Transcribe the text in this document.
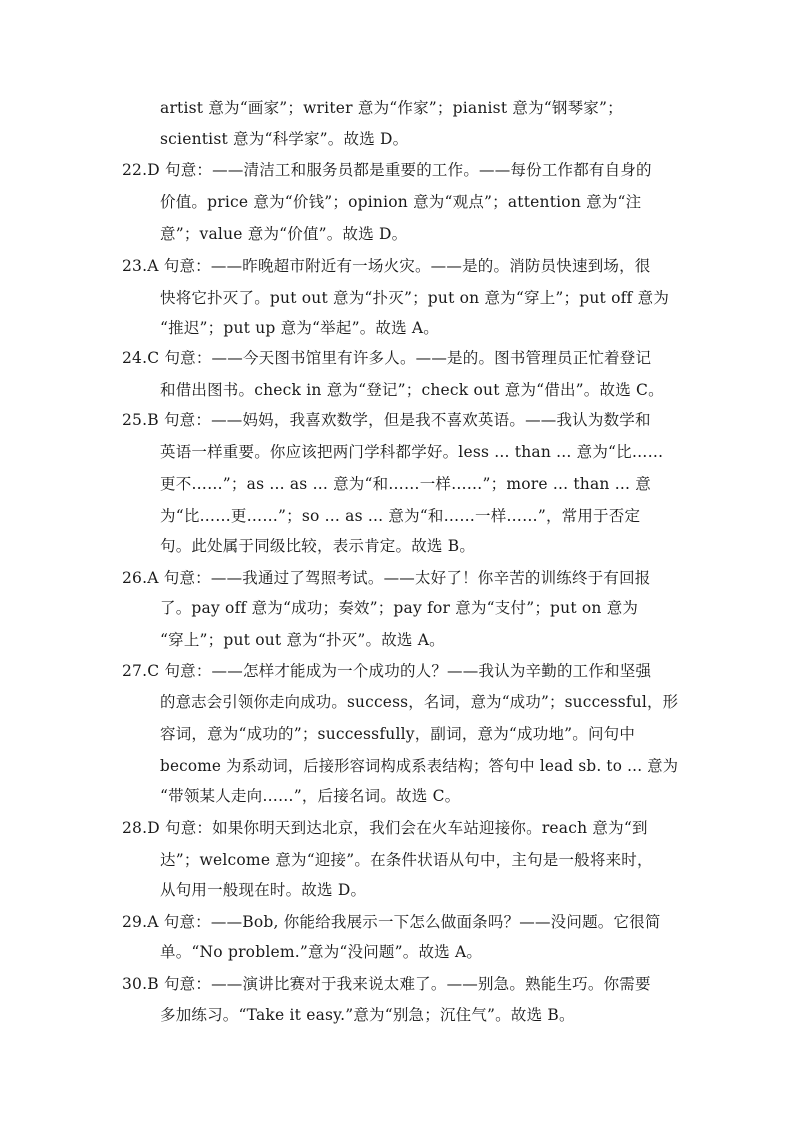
artist 意为“画家”；writer 意为“作家”；pianist 意为“钢琴家”；
scientist 意为“科学家”。故选 D。
22.D 句意：——清洁工和服务员都是重要的工作。——每份工作都有自身的
价值。price 意为“价钱”；opinion 意为“观点”；attention 意为“注
意”；value 意为“价值”。故选 D。
23.A 句意：——昨晚超市附近有一场火灾。——是的。消防员快速到场，很
快将它扑灭了。put out 意为“扑灭”；put on 意为“穿上”；put off 意为
“推迟”；put up 意为“举起”。故选 A。
24.C 句意：——今天图书馆里有许多人。——是的。图书管理员正忙着登记
和借出图书。check in 意为“登记”；check out 意为“借出”。故选 C。
25.B 句意：——妈妈，我喜欢数学，但是我不喜欢英语。——我认为数学和
英语一样重要。你应该把两门学科都学好。less ... than ... 意为“比……
更不……”；as ... as ... 意为“和……一样……”；more ... than ... 意
为“比……更……”；so ... as ... 意为“和……一样……”，常用于否定
句。此处属于同级比较，表示肯定。故选 B。
26.A 句意：——我通过了驾照考试。——太好了！你辛苦的训练终于有回报
了。pay off 意为“成功；奏效”；pay for 意为“支付”；put on 意为
“穿上”；put out 意为“扑灭”。故选 A。
27.C 句意：——怎样才能成为一个成功的人？——我认为辛勤的工作和坚强
的意志会引领你走向成功。success，名词，意为“成功”；successful，形
容词，意为“成功的”；successfully，副词，意为“成功地”。问句中
become 为系动词，后接形容词构成系表结构；答句中 lead sb. to ... 意为
“带领某人走向……”，后接名词。故选 C。
28.D 句意：如果你明天到达北京，我们会在火车站迎接你。reach 意为“到
达”；welcome 意为“迎接”。在条件状语从句中，主句是一般将来时，
从句用一般现在时。故选 D。
29.A 句意：——Bob, 你能给我展示一下怎么做面条吗？——没问题。它很简
单。“No problem.”意为“没问题”。故选 A。
30.B 句意：——演讲比赛对于我来说太难了。——别急。熟能生巧。你需要
多加练习。“Take it easy.”意为“别急；沉住气”。故选 B。
